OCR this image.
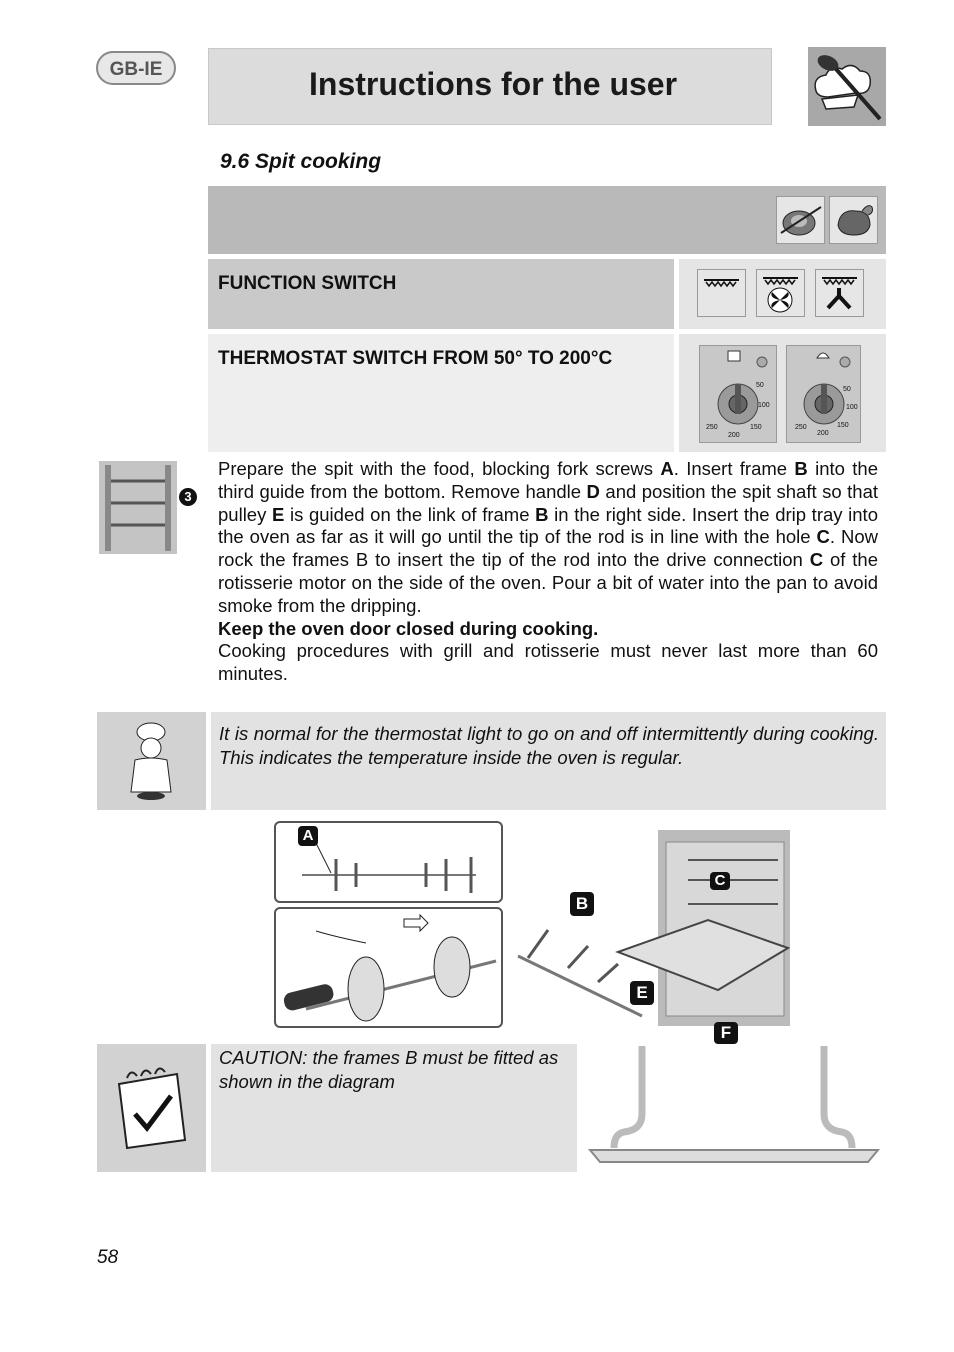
GB-IE	Instructions for the user
9.6 Spit cooking
FUNCTION SWITCH
THERMOSTAT SWITCH FROM 50° TO 200°C
50
100
150
200
250
50
100
150
200
250
3
Prepare the spit with the food, blocking fork screws A. Insert frame B into the third guide from the bottom. Remove handle D and position the spit shaft so that pulley E is guided on the link of frame B in the right side. Insert the drip tray into the oven as far as it will go until the tip of the rod is in line with the hole C. Now rock the frames B to insert the tip of the rod into the drive connection C of the rotisserie motor on the side of the oven. Pour a bit of water into the pan to avoid smoke from the dripping.
Keep the oven door closed during cooking.
Cooking procedures with grill and rotisserie must never last more than 60 minutes.
It is normal for the thermostat light to go on and off intermittently during cooking. This indicates the temperature inside the oven is regular.
A
C
B
E
F
CAUTION: the frames B must be fitted as shown in the diagram
58
